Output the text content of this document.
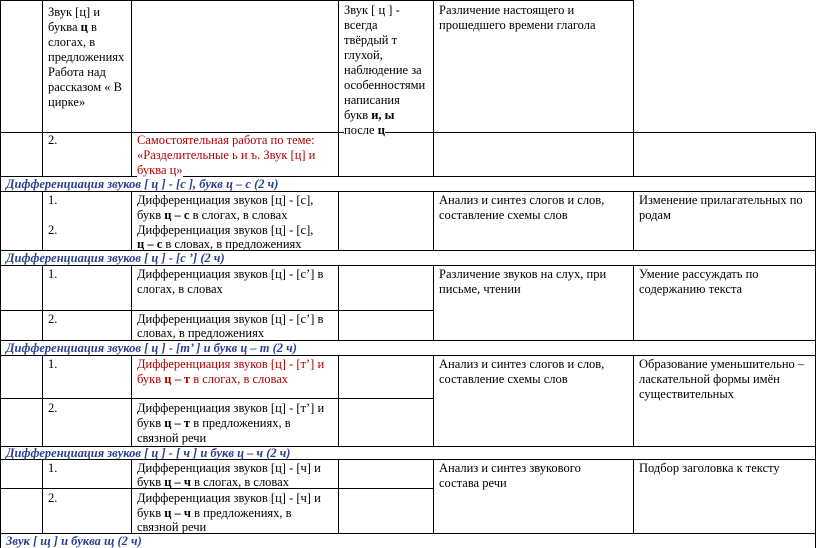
Звук [ц] и
буква ц в
слогах, в
предложениях
Работа над
рассказом « В
цирке»
Звук [ ц ] -
всегда
твёрдый т
глухой,
наблюдение за
особенностями
написания
букв и, ы
после ц
Различение настоящего и
прошедшего времени глагола
2.	Самостоятельная работа по теме:
«Разделительные ь и ъ. Звук [ц] и
буква ц»
Дифференциация звуков [ ц ] - [с ], букв ц – с (2 ч)
Дифференциация звуков [ ц ] - [с ’] (2 ч)
Дифференциация звуков [ ц ] - [т’ ] и букв ц – т (2 ч)
Дифференциация звуков [ ц ] - [ ч ] и букв ц – ч (2 ч)
Звук [ щ ] и буква щ (2 ч)
1.
2.
Дифференциация звуков [ц] - [с],
букв ц – с в слогах, в словах
Дифференциация звуков [ц] - [с],
ц – с в словах, в предложениях
Анализ и синтез слогов и слов,
составление схемы слов
Изменение прилагательных по
родам
1.
2.
Дифференциация звуков [ц] - [с’] в
слогах, в словах
Дифференциация звуков [ц] - [с’] в
словах, в предложениях
Различение звуков на слух, при
письме, чтении
Умение рассуждать по
содержанию текста
1.
2.
Дифференциация звуков [ц] - [т’] и
букв ц – т в слогах, в словах
Дифференциация звуков [ц] - [т’] и
букв ц – т в предложениях, в
связной речи
Анализ и синтез слогов и слов,
составление схемы слов
Образование уменьшительно –
ласкательной формы имён
существительных
1.
2.
Дифференциация звуков [ц] - [ч] и
букв ц – ч в слогах, в словах
Дифференциация звуков [ц] - [ч] и
букв ц – ч в предложениях, в
связной речи
Анализ и синтез звукового
состава речи
Подбор заголовка к тексту
